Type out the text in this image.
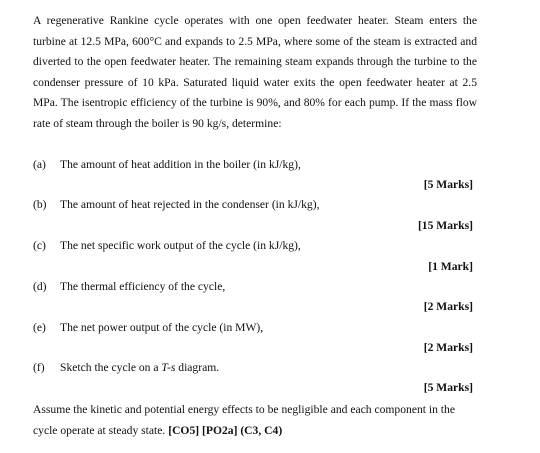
A regenerative Rankine cycle operates with one open feedwater heater. Steam enters the turbine at 12.5 MPa, 600°C and expands to 2.5 MPa, where some of the steam is extracted and diverted to the open feedwater heater. The remaining steam expands through the turbine to the condenser pressure of 10 kPa. Saturated liquid water exits the open feedwater heater at 2.5 MPa. The isentropic efficiency of the turbine is 90%, and 80% for each pump. If the mass flow rate of steam through the boiler is 90 kg/s, determine:

(a) The amount of heat addition in the boiler (in kJ/kg),
[5 Marks]
(b) The amount of heat rejected in the condenser (in kJ/kg),
[15 Marks]
(c) The net specific work output of the cycle (in kJ/kg),
[1 Mark]
(d) The thermal efficiency of the cycle,
[2 Marks]
(e) The net power output of the cycle (in MW),
[2 Marks]
(f) Sketch the cycle on a T-s diagram.
[5 Marks]

Assume the kinetic and potential energy effects to be negligible and each component in the cycle operate at steady state. [CO5] [PO2a] (C3, C4)
